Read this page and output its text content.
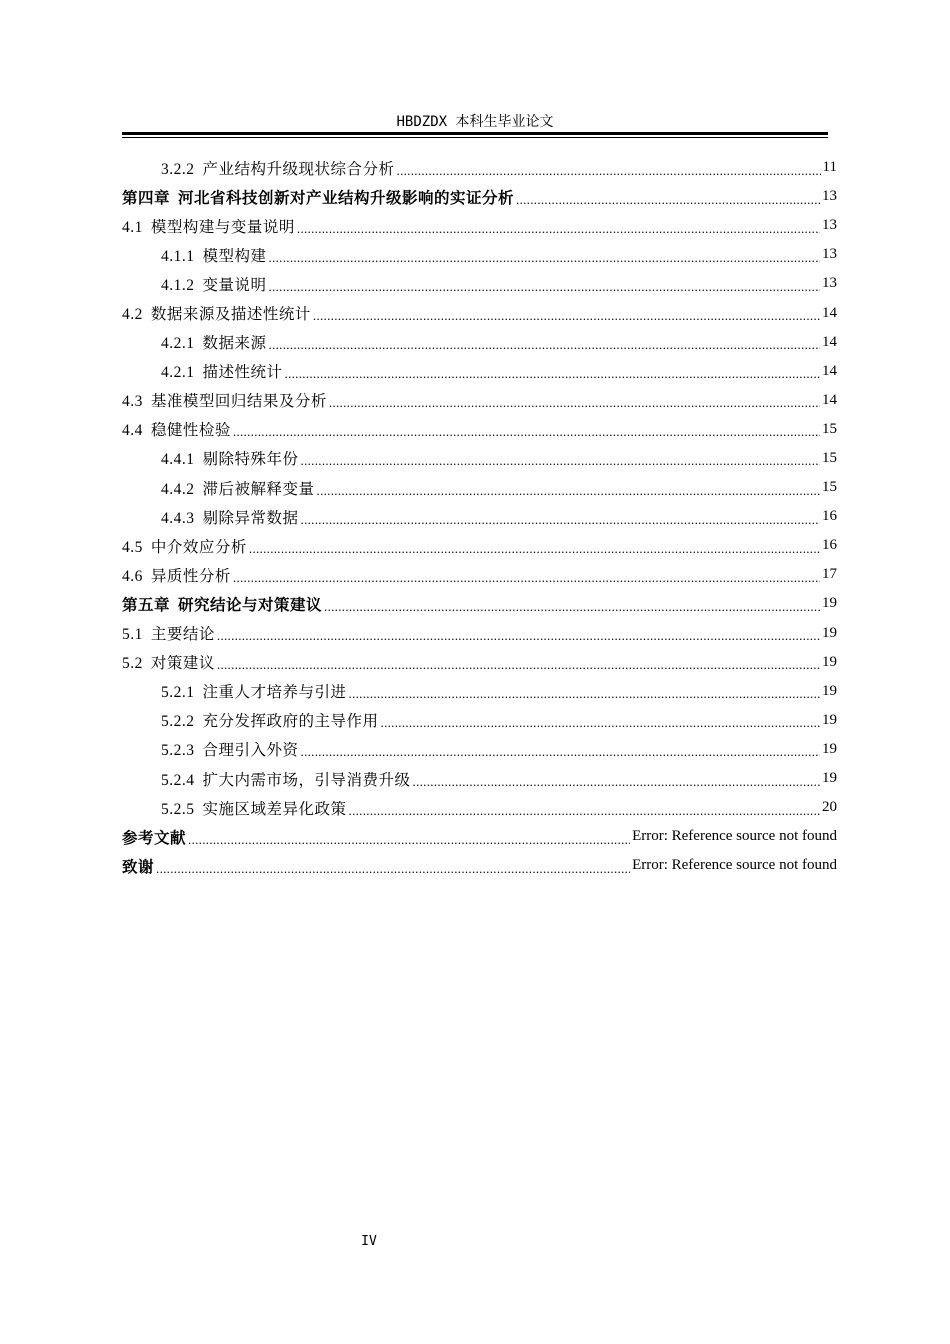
HBDZDX 本科生毕业论文
3.2.2 产业结构升级现状综合分析 .....	11
第四章 河北省科技创新对产业结构升级影响的实证分析 .....	13
4.1 模型构建与变量说明 .....	13
4.1.1 模型构建 .....	13
4.1.2 变量说明 .....	13
4.2 数据来源及描述性统计 .....	14
4.2.1 数据来源 .....	14
4.2.1 描述性统计 .....	14
4.3 基准模型回归结果及分析 .....	14
4.4 稳健性检验 .....	15
4.4.1 剔除特殊年份 .....	15
4.4.2 滞后被解释变量 .....	15
4.4.3 剔除异常数据 .....	16
4.5 中介效应分析 .....	16
4.6 异质性分析 .....	17
第五章 研究结论与对策建议 .....	19
5.1 主要结论 .....	19
5.2 对策建议 .....	19
5.2.1 注重人才培养与引进 .....	19
5.2.2 充分发挥政府的主导作用 .....	19
5.2.3 合理引入外资 .....	19
5.2.4 扩大内需市场，引导消费升级 .....	19
5.2.5 实施区域差异化政策 .....	20
参考文献 .....	Error: Reference source not found
致谢 .....	Error: Reference source not found
IV
